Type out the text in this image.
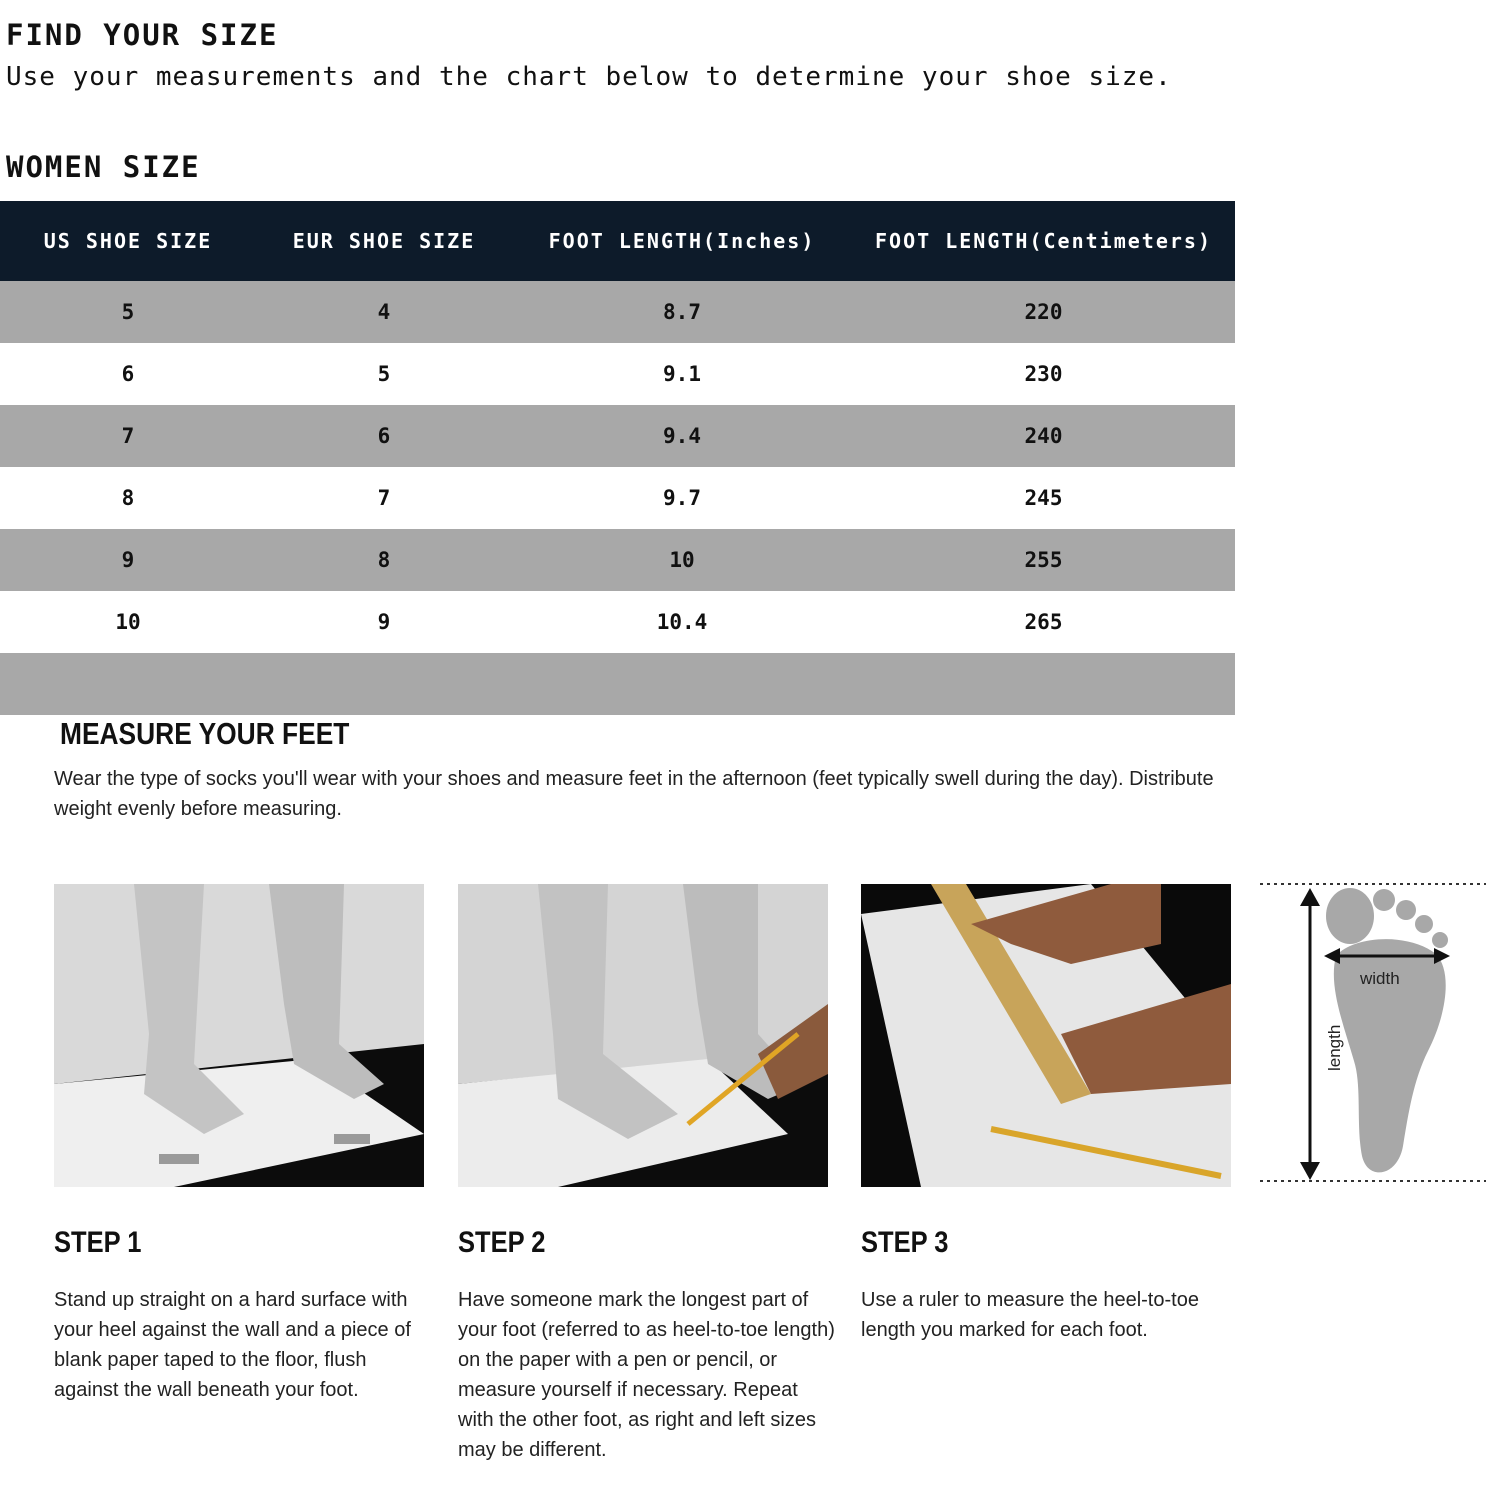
FIND YOUR SIZE

Use your measurements and the chart below to determine your shoe size.

WOMEN SIZE
US SHOE SIZE	EUR SHOE SIZE	FOOT LENGTH(Inches)	FOOT LENGTH(Centimeters)
5	4	8.7	220
6	5	9.1	230
7	6	9.4	240
8	7	9.7	245
9	8	10	255
10	9	10.4	265

MEASURE YOUR FEET

Wear the type of socks you'll wear with your shoes and measure feet in the afternoon (feet typically swell during the day). Distribute weight evenly before measuring.

STEP 1

Stand up straight on a hard surface with your heel against the wall and a piece of blank paper taped to the floor, flush against the wall beneath your foot.

STEP 2

Have someone mark the longest part of your foot (referred to as heel-to-toe length) on the paper with a pen or pencil, or measure yourself if necessary. Repeat with the other foot, as right and left sizes may be different.

STEP 3

Use a ruler to measure the heel-to-toe length you marked for each foot.

width
length
